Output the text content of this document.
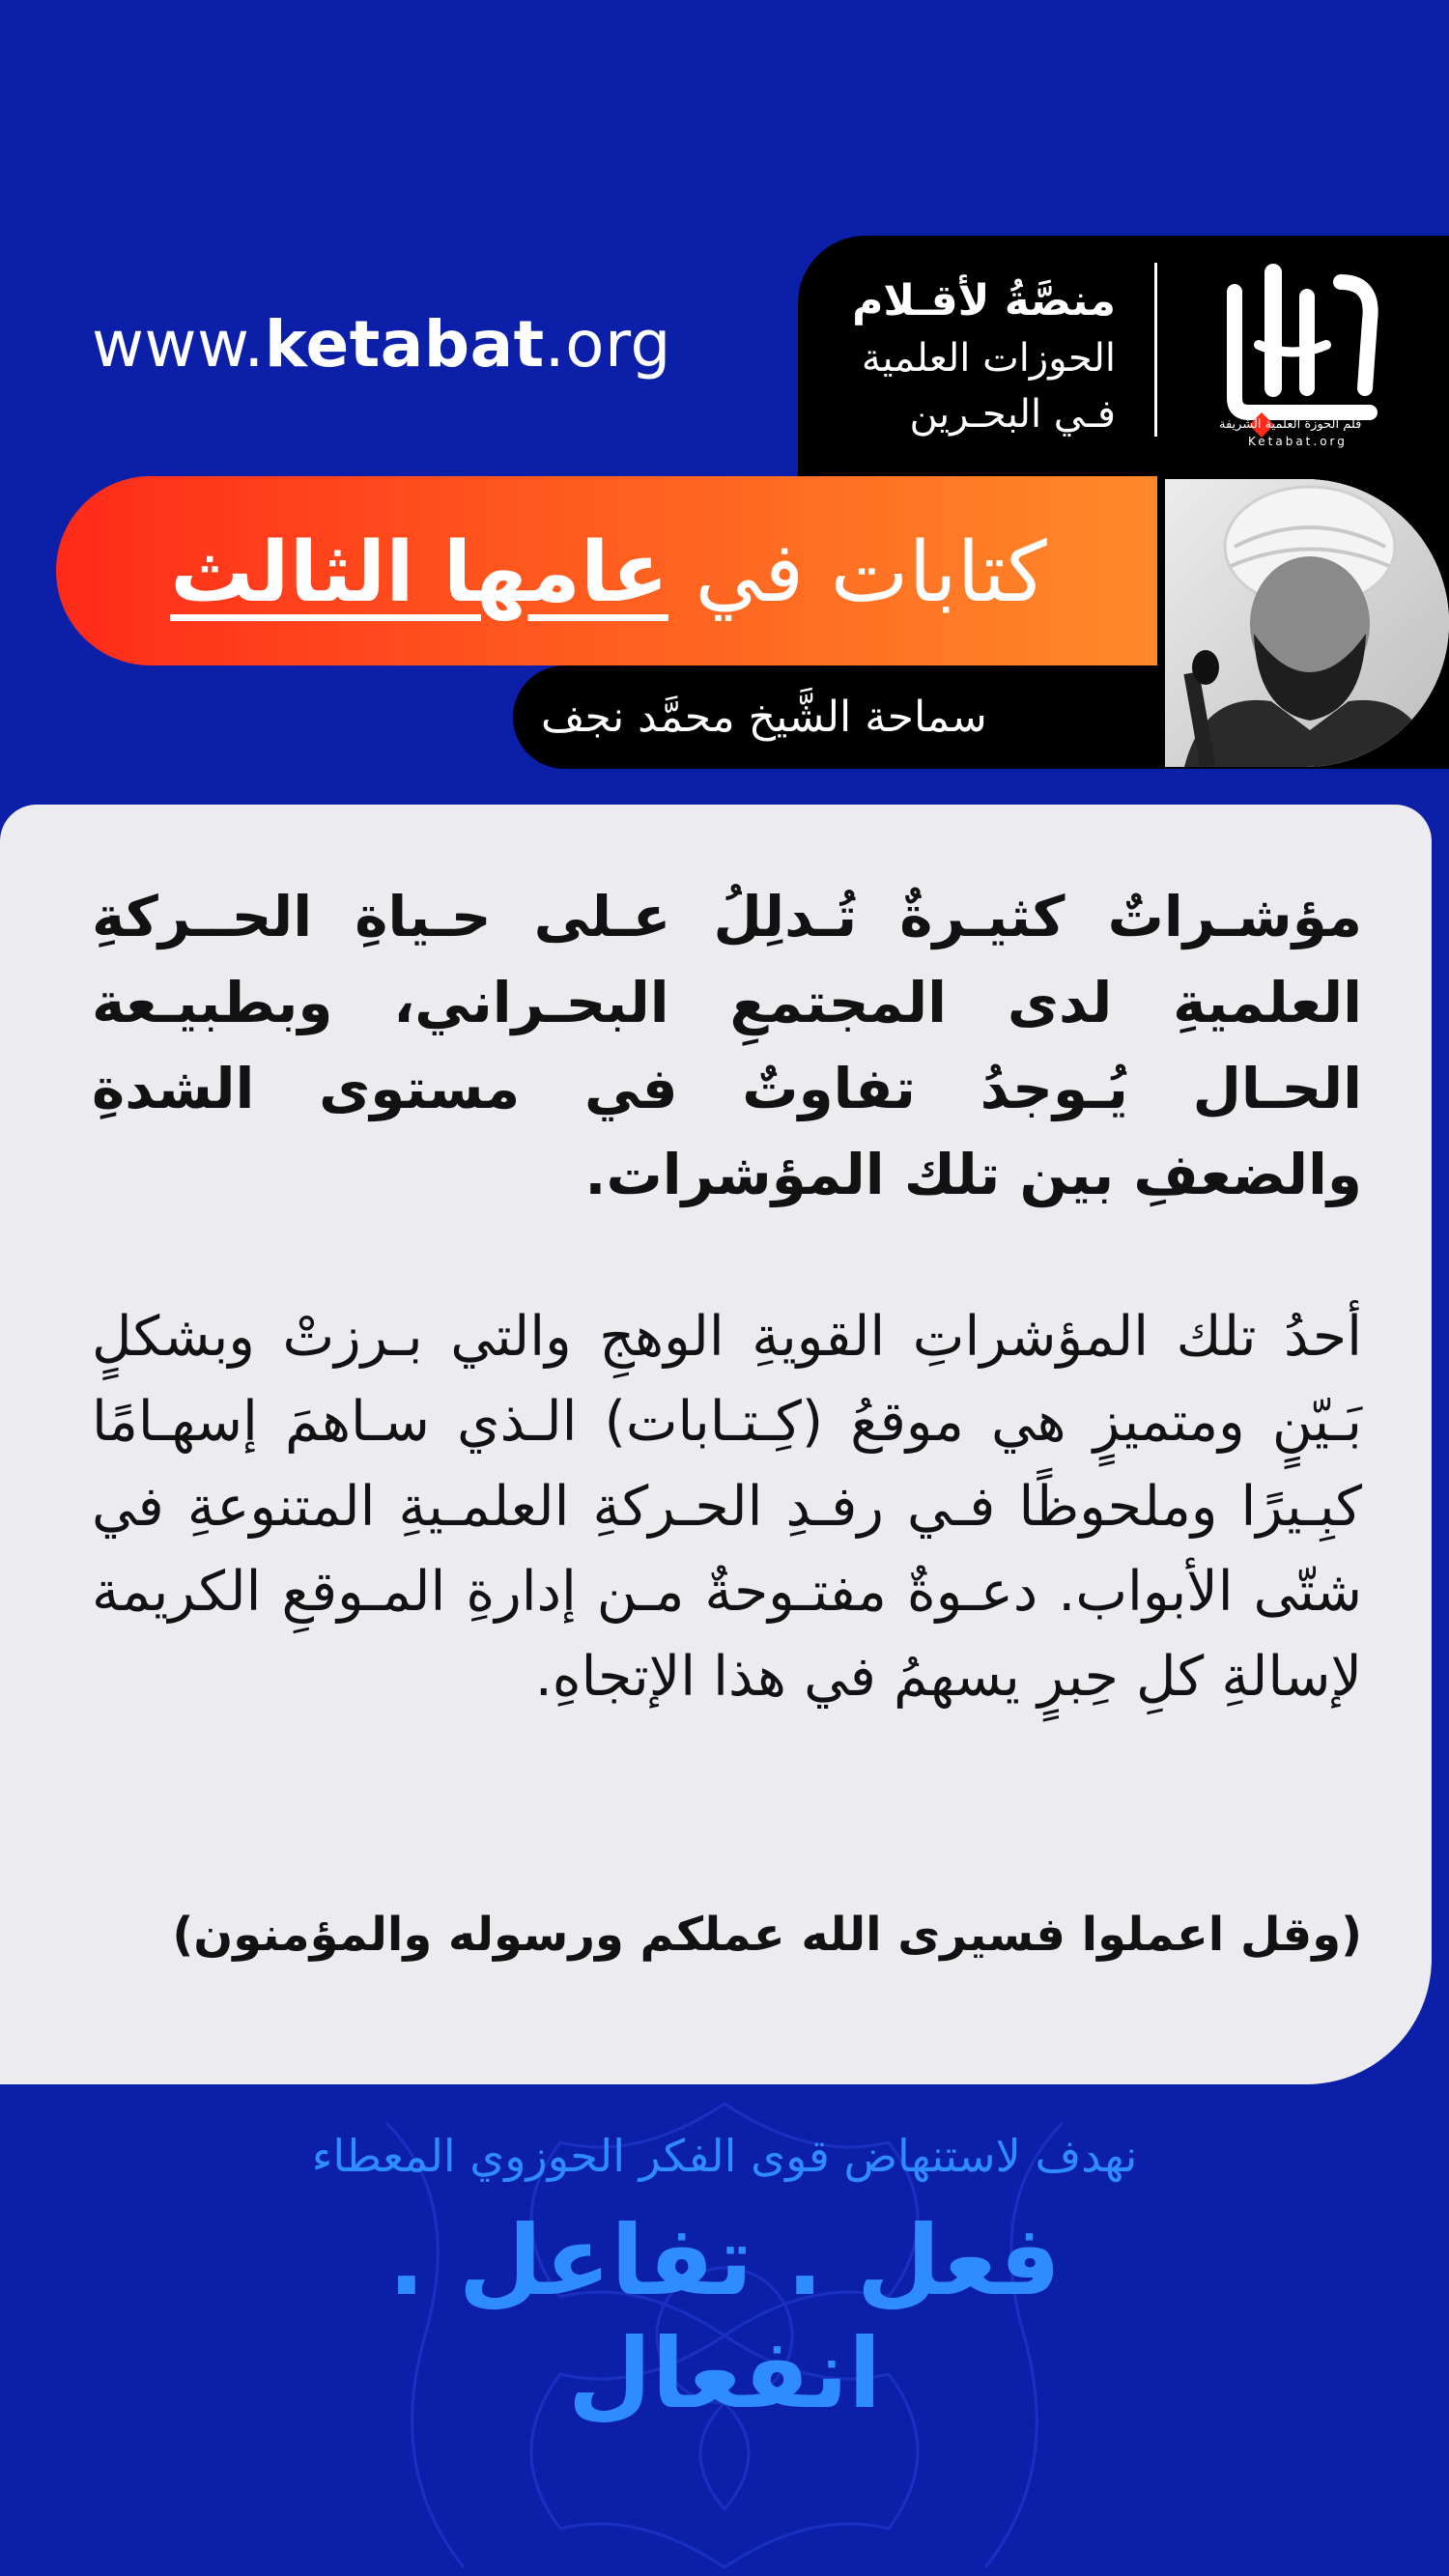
www.ketabat.org
منصَّةُ لأقـلام
الحوزات العلمية
فـي البحـرين	قلم الحوزة العلمية الشريفة
Ketabat.org
كتابات في

عامها الثالث
سماحة الشَّيخ محمَّد نجف
مؤشـراتٌ كثيـرةٌ تُـدلِلُ عـلى حـياةِ الحــركةِ العلميةِ لدى المجتمعِ البحـراني، وبطبيـعة الحـال يُـوجدُ تفاوتٌ في مستوى الشدةِ والضعفِ بين تلك المؤشرات.
أحدُ تلك المؤشراتِ القويةِ الوهجِ والتي بـرزتْ وبشكلٍ بَـيّنٍ ومتميزٍ هي موقعُ (كِـتـابات) الـذي سـاهمَ إسهـامًا كبِـيرًا وملحوظًا فـي رفـدِ الحـركةِ العلمـيةِ المتنوعةِ في شتّى الأبواب. دعـوةٌ مفتـوحةٌ مـن إدارةِ المـوقعِ الكريمة لإسالةِ كلِ حِبرٍ يسهمُ في هذا الإتجاهِ.
(وقل اعملوا فسيرى الله عملكم ورسوله والمؤمنون)
نهدف لاستنهاض قوى الفكر الحوزوي المعطاء
فعل . تفاعل . انفعال
